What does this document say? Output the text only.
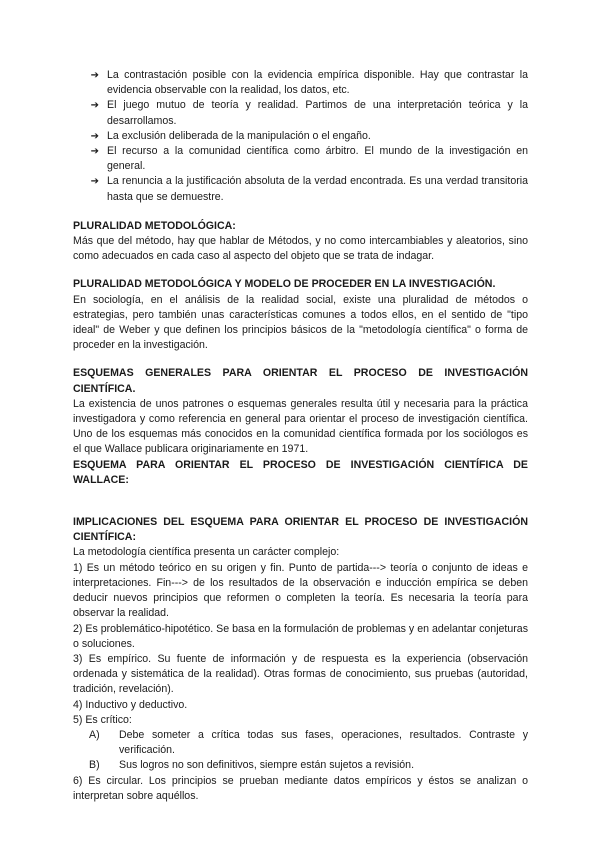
➔ La contrastación posible con la evidencia empírica disponible. Hay que contrastar la evidencia observable con la realidad, los datos, etc.
➔ El juego mutuo de teoría y realidad. Partimos de una interpretación teórica y la desarrollamos.
➔ La exclusión deliberada de la manipulación o el engaño.
➔ El recurso a la comunidad científica como árbitro. El mundo de la investigación en general.
➔ La renuncia a la justificación absoluta de la verdad encontrada. Es una verdad transitoria hasta que se demuestre.
PLURALIDAD METODOLÓGICA:

Más que del método, hay que hablar de Métodos, y no como intercambiables y aleatorios, sino como adecuados en cada caso al aspecto del objeto que se trata de indagar.

PLURALIDAD METODOLÓGICA Y MODELO DE PROCEDER EN LA INVESTIGACIÓN.

En sociología, en el análisis de la realidad social, existe una pluralidad de métodos o estrategias, pero también unas características comunes a todos ellos, en el sentido de "tipo ideal" de Weber y que definen los principios básicos de la "metodología científica" o forma de proceder en la investigación.

ESQUEMAS GENERALES PARA ORIENTAR EL PROCESO DE INVESTIGACIÓN CIENTÍFICA.

La existencia de unos patrones o esquemas generales resulta útil y necesaria para la práctica investigadora y como referencia en general para orientar el proceso de investigación científica. Uno de los esquemas más conocidos en la comunidad científica formada por los sociólogos es el que Wallace publicara originariamente en 1971.

ESQUEMA PARA ORIENTAR EL PROCESO DE INVESTIGACIÓN CIENTÍFICA DE WALLACE:
IMPLICACIONES DEL ESQUEMA PARA ORIENTAR EL PROCESO DE INVESTIGACIÓN CIENTÍFICA:

La metodología científica presenta un carácter complejo:

1) Es un método teórico en su origen y fin. Punto de partida---> teoría o conjunto de ideas e interpretaciones. Fin---> de los resultados de la observación e inducción empírica se deben deducir nuevos principios que reformen o completen la teoría. Es necesaria la teoría para observar la realidad.

2) Es problemático-hipotético. Se basa en la formulación de problemas y en adelantar conjeturas o soluciones.

3) Es empírico. Su fuente de información y de respuesta es la experiencia (observación ordenada y sistemática de la realidad). Otras formas de conocimiento, sus pruebas (autoridad, tradición, revelación).

4) Inductivo y deductivo.

5) Es crítico:

A)	Debe someter a crítica todas sus fases, operaciones, resultados. Contraste y verificación.
B)	Sus logros no son definitivos, siempre están sujetos a revisión.

6) Es circular. Los principios se prueban mediante datos empíricos y éstos se analizan o interpretan sobre aquéllos.
